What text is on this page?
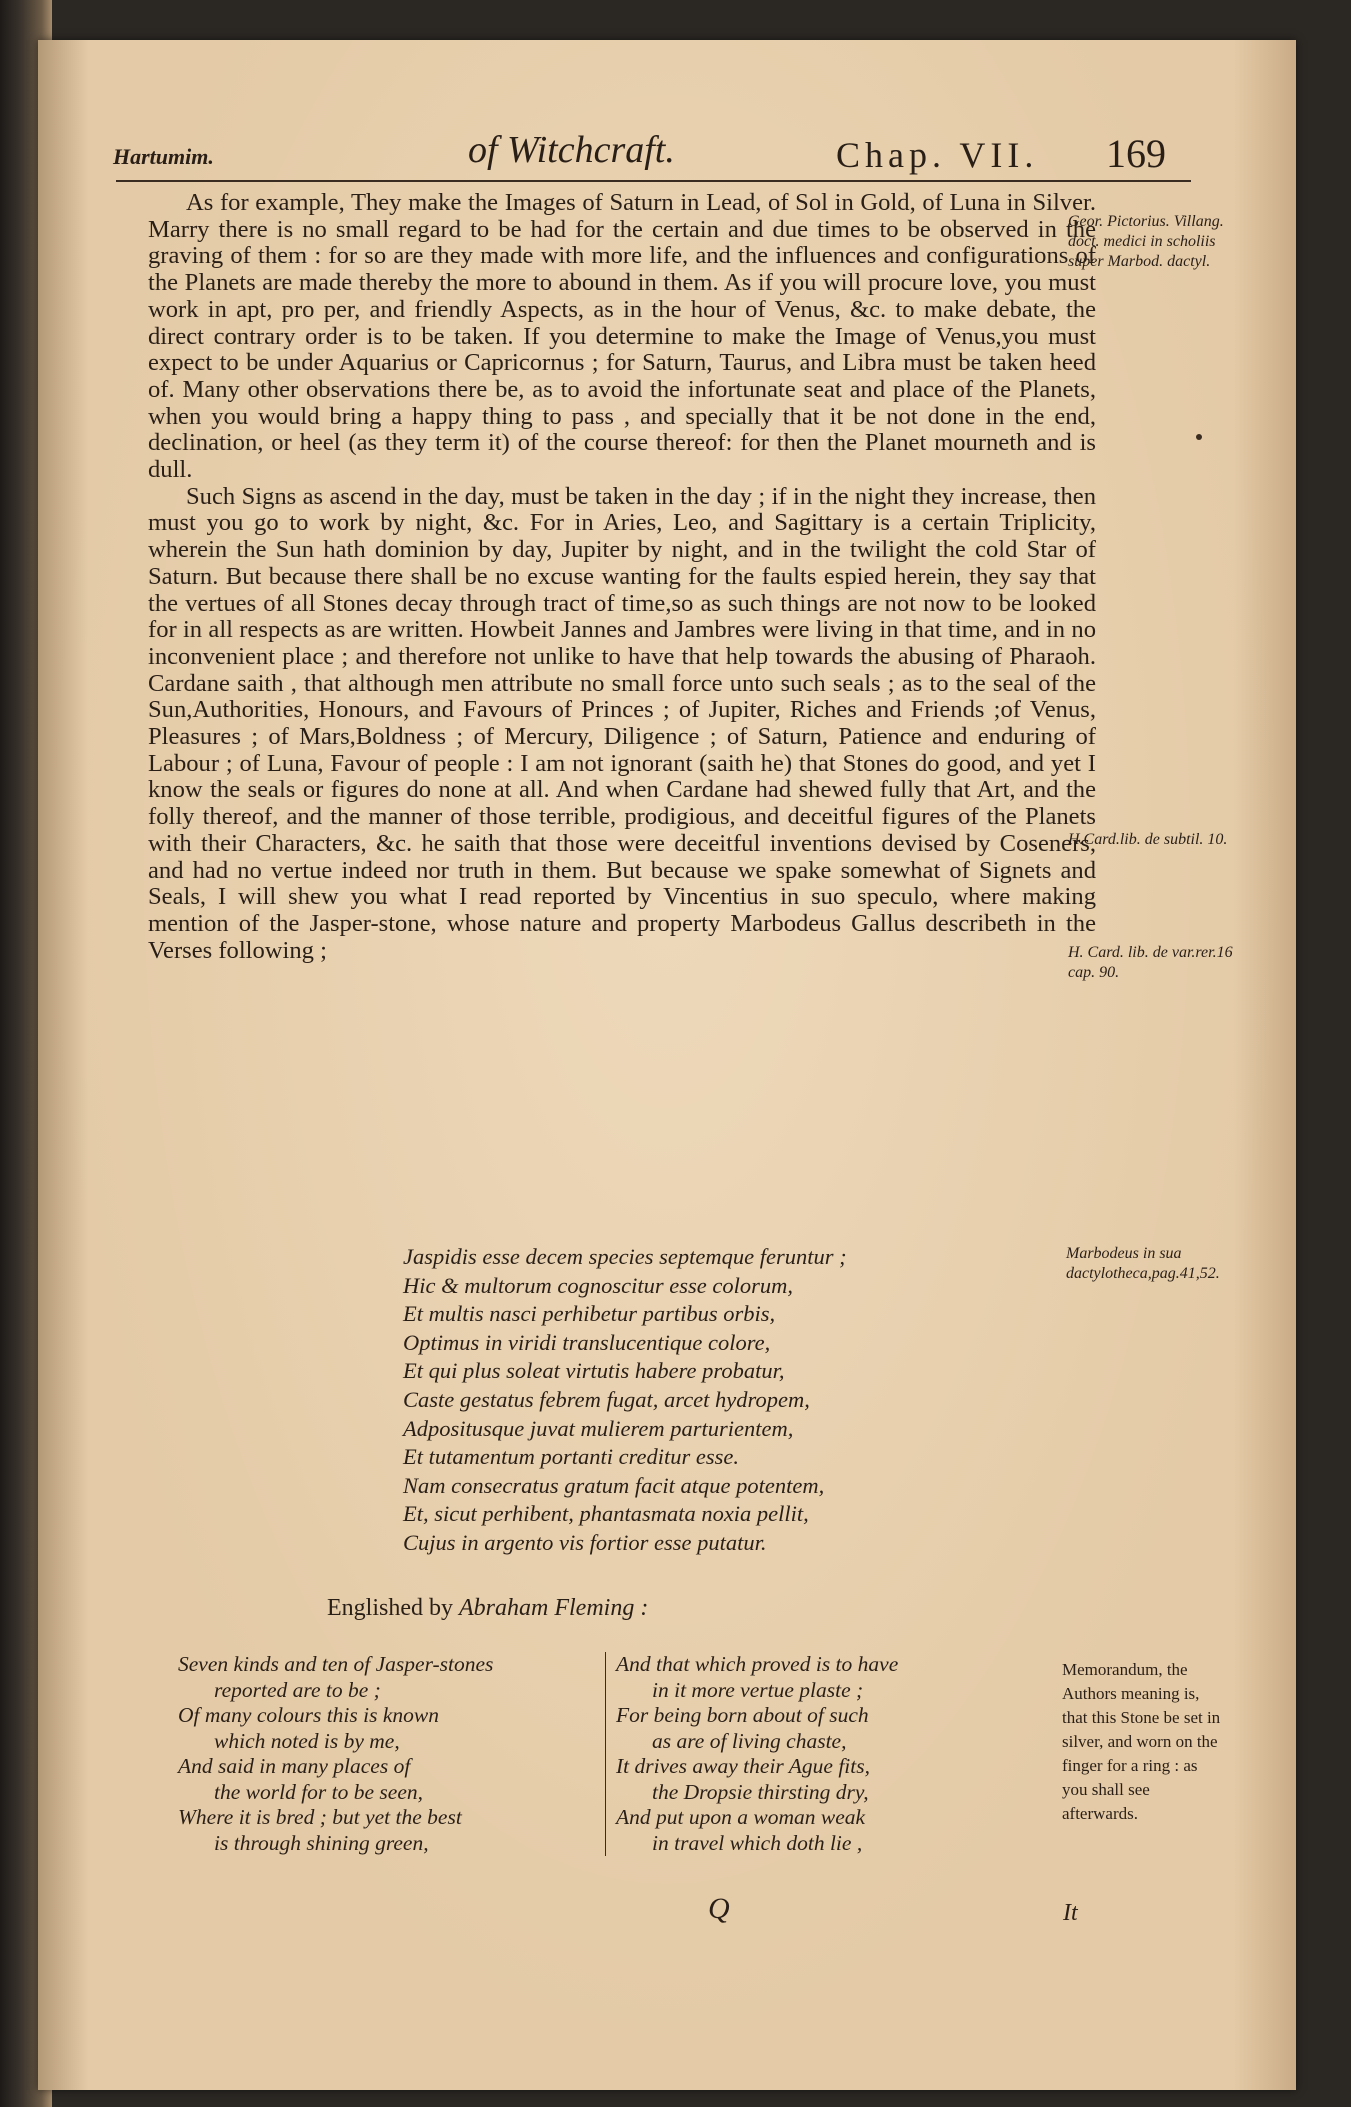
Hartumim.	of Witchcraft.	Chap. VII. 169

As for example, They make the Images of Saturn in Lead, of Sol in Gold, of Luna in Silver. Marry there is no small regard to be had for the certain and due times to be observed in the graving of them : for so are they made with more life, and the influences and configurations of the Planets are made thereby the more to abound in them. As if you will procure love, you must work in apt, pro per, and friendly Aspects, as in the hour of Venus, &c. to make debate, the direct contrary order is to be taken. If you determine to make the Image of Venus,you must expect to be under Aquarius or Capricornus ; for Saturn, Taurus, and Libra must be taken heed of. Many other observations there be, as to avoid the infortunate seat and place of the Planets, when you would bring a happy thing to pass , and specially that it be not done in the end, declination, or heel (as they term it) of the course thereof: for then the Planet mourneth and is dull.

Such Signs as ascend in the day, must be taken in the day ; if in the night they increase, then must you go to work by night, &c. For in Aries, Leo, and Sagittary is a certain Triplicity, wherein the Sun hath dominion by day, Jupiter by night, and in the twilight the cold Star of Saturn. But because there shall be no excuse wanting for the faults espied herein, they say that the vertues of all Stones decay through tract of time,so as such things are not now to be looked for in all respects as are written. Howbeit Jannes and Jambres were living in that time, and in no inconvenient place ; and therefore not unlike to have that help towards the abusing of Pharaoh. Cardane saith , that although men attribute no small force unto such seals ; as to the seal of the Sun,Authorities, Honours, and Favours of Princes ; of Jupiter, Riches and Friends ;of Venus, Pleasures ; of Mars,Boldness ; of Mercury, Diligence ; of Saturn, Patience and enduring of Labour ; of Luna, Favour of people : I am not ignorant (saith he) that Stones do good, and yet I know the seals or figures do none at all. And when Cardane had shewed fully that Art, and the folly thereof, and the manner of those terrible, prodigious, and deceitful figures of the Planets with their Characters, &c. he saith that those were deceitful inventions devised by Coseners, and had no vertue indeed nor truth in them. But because we spake somewhat of Signets and Seals, I will shew you what I read reported by Vincentius in suo speculo, where making mention of the Jasper-stone, whose nature and property Marbodeus Gallus describeth in the Verses following ;

Geor. Pictorius. Villang. doct. medici in scholiis super Marbod. dactyl.
H.Card.lib. de subtil. 10.
H. Card. lib. de var.rer.16 cap. 90.
Marbodeus in sua dactylotheca,pag.41,52.
Memorandum, the Authors meaning is, that this Stone be set in silver, and worn on the finger for a ring : as you shall see afterwards.
Jaspidis esse decem species septemque feruntur ;
Hic & multorum cognoscitur esse colorum,
Et multis nasci perhibetur partibus orbis,
Optimus in viridi translucentique colore,
Et qui plus soleat virtutis habere probatur,
Caste gestatus febrem fugat, arcet hydropem,
Adpositusque juvat mulierem parturientem,
Et tutamentum portanti creditur esse.
Nam consecratus gratum facit atque potentem,
Et, sicut perhibent, phantasmata noxia pellit,
Cujus in argento vis fortior esse putatur.
Englished by Abraham Fleming :
Seven kinds and ten of Jasper-stones
reported are to be ;
Of many colours this is known
which noted is by me,
And said in many places of
the world for to be seen,
Where it is bred ; but yet the best
is through shining green,
And that which proved is to have
in it more vertue plaste ;
For being born about of such
as are of living chaste,
It drives away their Ague fits,
the Dropsie thirsting dry,
And put upon a woman weak
in travel which doth lie ,
Q	It
